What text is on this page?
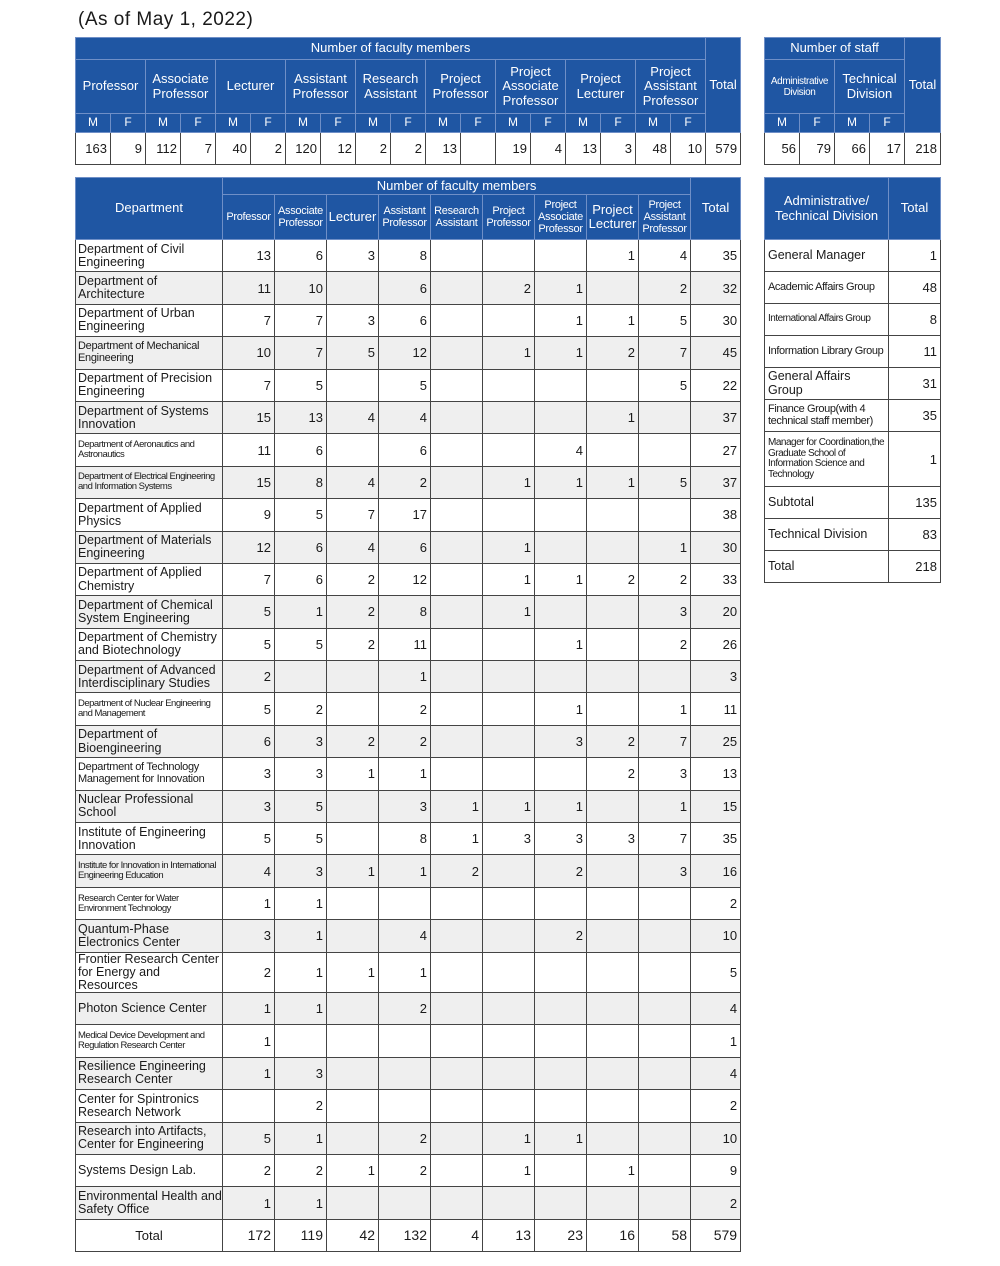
(As of May 1, 2022)
Number of faculty members																		Total
Professor		Associate Professor		Lecturer		Assistant Professor		Research Assistant		Project Professor		Project Associate Professor		Project Lecturer		Project Assistant Professor		
M	F	M	F	M	F	M	F	M	F	M	F	M	F	M	F	M	F	
163	9	112	7	40	2	120	12	2	2	13		19	4	13	3	48	10	579
Number of staff				Total
Administrative Division		Technical Division		
M	F	M	F	
56	79	66	17	218
Department	Number of faculty members									Total
	Professor	Associate Professor	Lecturer	Assistant Professor	Research Assistant	Project Professor	Project Associate Professor	Project Lecturer	Project Assistant Professor	
Department of Civil Engineering	13	6	3	8				1	4	35
Department of Architecture	11	10		6		2	1		2	32
Department of Urban Engineering	7	7	3	6			1	1	5	30
Department of Mechanical Engineering	10	7	5	12		1	1	2	7	45
Department of Precision Engineering	7	5		5					5	22
Department of Systems Innovation	15	13	4	4				1		37
Department of Aeronautics and Astronautics	11	6		6			4			27
Department of Electrical Engineering and Information Systems	15	8	4	2		1	1	1	5	37
Department of Applied Physics	9	5	7	17						38
Department of Materials Engineering	12	6	4	6		1			1	30
Department of Applied Chemistry	7	6	2	12		1	1	2	2	33
Department of Chemical System Engineering	5	1	2	8		1			3	20
Department of Chemistry and Biotechnology	5	5	2	11			1		2	26
Department of Advanced Interdisciplinary Studies	2			1						3
Department of Nuclear Engineering and Management	5	2		2			1		1	11
Department of Bioengineering	6	3	2	2			3	2	7	25
Department of Technology Management for Innovation	3	3	1	1				2	3	13
Nuclear Professional School	3	5		3	1	1	1		1	15
Institute of Engineering Innovation	5	5		8	1	3	3	3	7	35
Institute for Innovation in International Engineering Education	4	3	1	1	2		2		3	16
Research Center for Water Environment Technology	1	1								2
Quantum-Phase Electronics Center	3	1		4			2			10
Frontier Research Center for Energy and Resources	2	1	1	1						5
Photon Science Center	1	1		2						4
Medical Device Development and Regulation Research Center	1									1
Resilience Engineering Research Center	1	3								4
Center for Spintronics Research Network		2								2
Research into Artifacts, Center for Engineering	5	1		2		1	1			10
Systems Design Lab.	2	2	1	2		1		1		9
Environmental Health and Safety Office	1	1								2
Total	172	119	42	132	4	13	23	16	58	579
Administrative/ Technical Division	Total
General Manager	1
Academic Affairs Group	48
International Affairs Group	8
Information Library Group	11
General Affairs Group	31
Finance Group(with 4 technical staff member)	35
Manager for Coordination,the Graduate School of Information Science and Technology	1
Subtotal	135
Technical Division	83
Total	218
